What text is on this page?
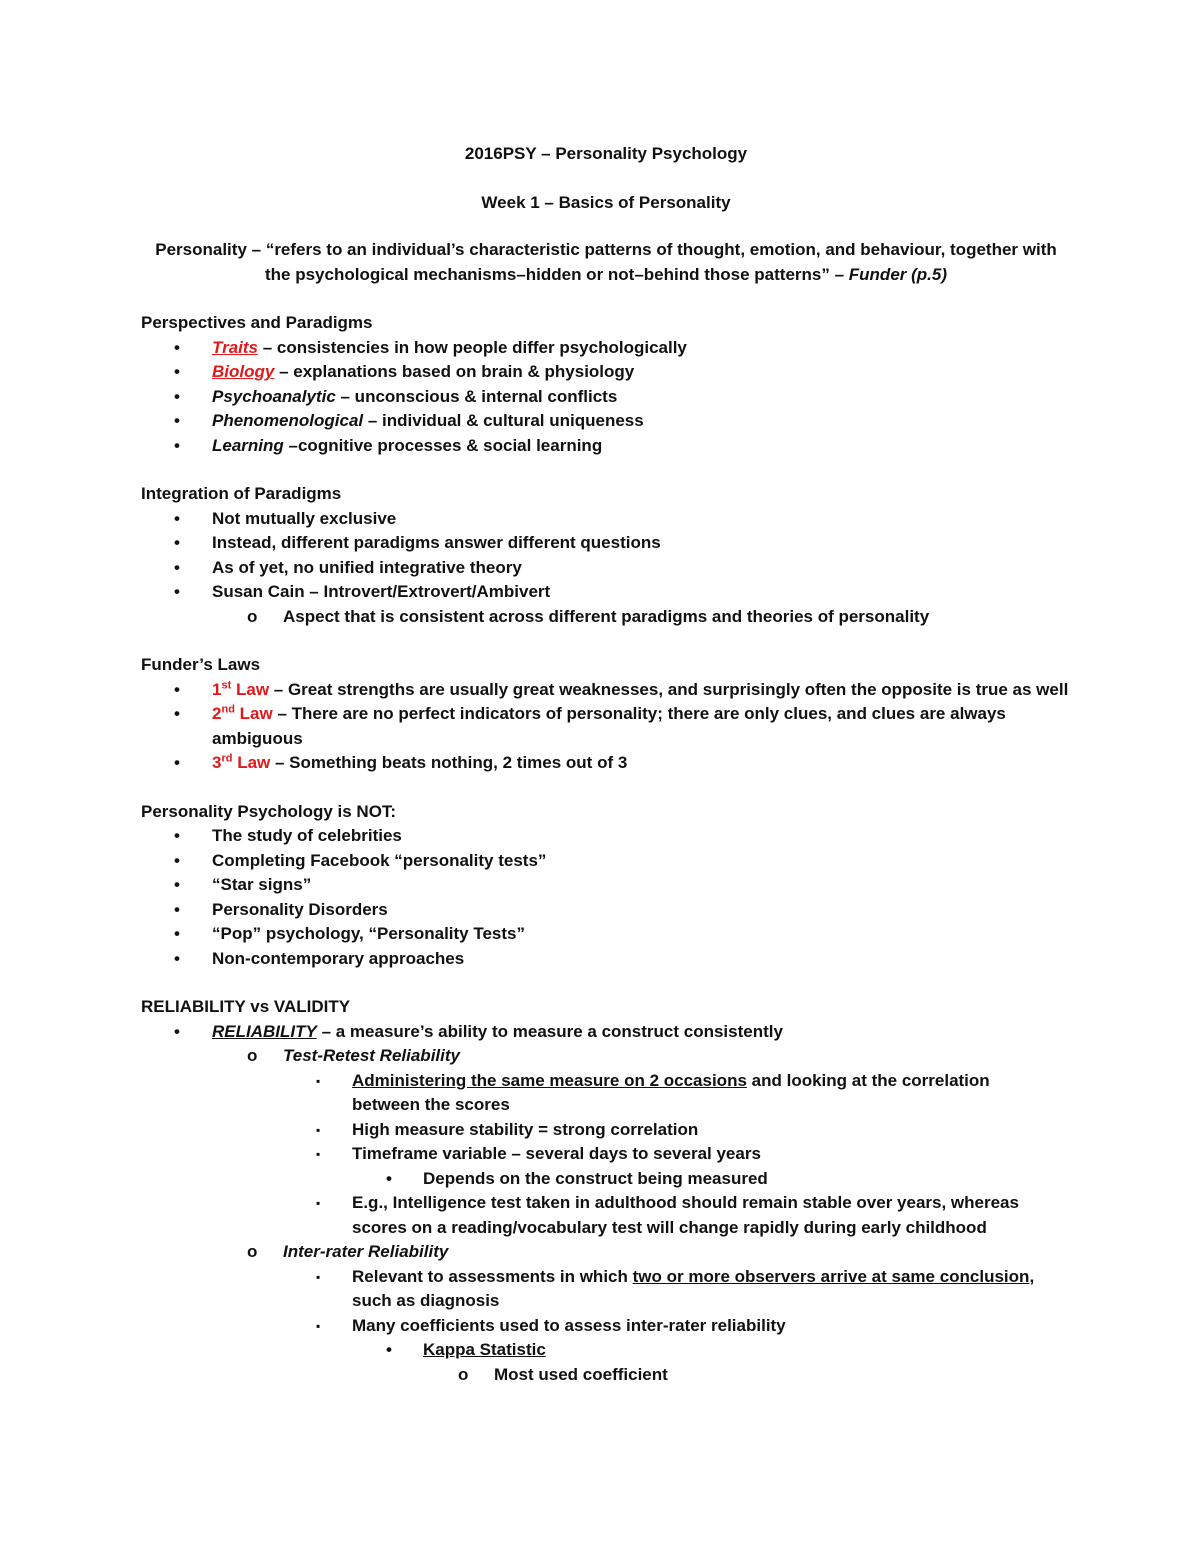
2016PSY – Personality Psychology
Week 1 – Basics of Personality
Personality – “refers to an individual’s characteristic patterns of thought, emotion, and behaviour, together with the psychological mechanisms–hidden or not–behind those patterns” – Funder (p.5)
Perspectives and Paradigms
•	Traits – consistencies in how people differ psychologically
•	Biology – explanations based on brain & physiology
•	Psychoanalytic – unconscious & internal conflicts
•	Phenomenological – individual & cultural uniqueness
•	Learning –cognitive processes & social learning
Integration of Paradigms
•	Not mutually exclusive
•	Instead, different paradigms answer different questions
•	As of yet, no unified integrative theory
•	Susan Cain – Introvert/Extrovert/Ambivert
o	Aspect that is consistent across different paradigms and theories of personality
Funder’s Laws
•	1st Law – Great strengths are usually great weaknesses, and surprisingly often the opposite is true as well
•	2nd Law – There are no perfect indicators of personality; there are only clues, and clues are always ambiguous
•	3rd Law – Something beats nothing, 2 times out of 3
Personality Psychology is NOT:
•	The study of celebrities
•	Completing Facebook “personality tests”
•	“Star signs”
•	Personality Disorders
•	“Pop” psychology, “Personality Tests”
•	Non-contemporary approaches
RELIABILITY vs VALIDITY
•	RELIABILITY – a measure’s ability to measure a construct consistently
o	Test-Retest Reliability
▪	Administering the same measure on 2 occasions and looking at the correlation between the scores
▪	High measure stability = strong correlation
▪	Timeframe variable – several days to several years
•	Depends on the construct being measured
▪	E.g., Intelligence test taken in adulthood should remain stable over years, whereas scores on a reading/vocabulary test will change rapidly during early childhood
o	Inter-rater Reliability
▪	Relevant to assessments in which two or more observers arrive at same conclusion, such as diagnosis
▪	Many coefficients used to assess inter-rater reliability
•	Kappa Statistic
o	Most used coefficient
